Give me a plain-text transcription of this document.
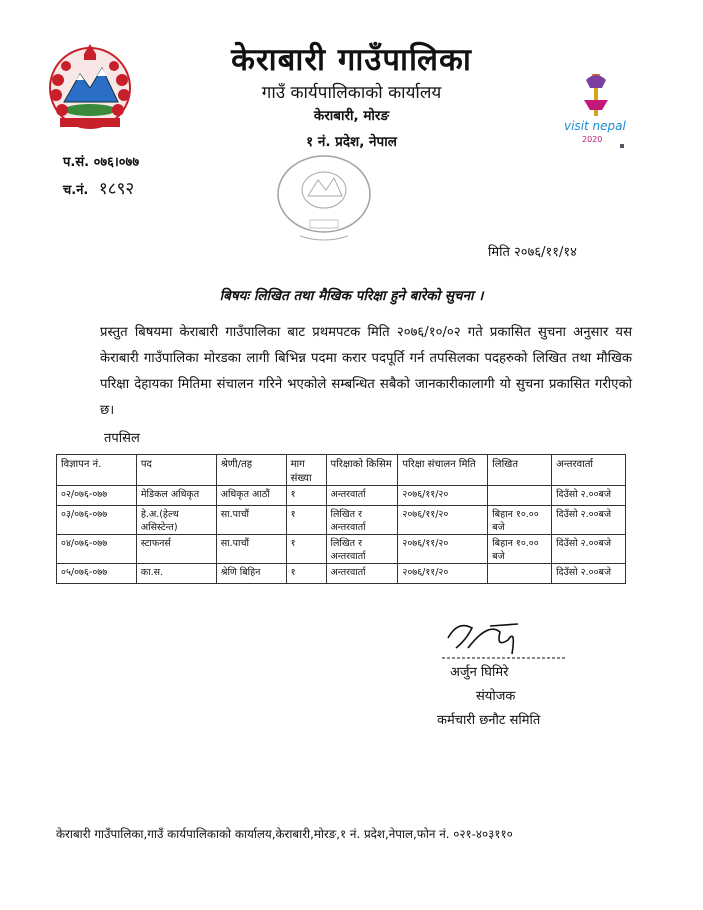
visit nepal
2020
केराबारी गाउँपालिका
गाउँ कार्यपालिकाको कार्यालय
केराबारी, मोरङ
१ नं. प्रदेश, नेपाल
प.सं. ०७६।०७७
च.नं. १८९२
मिति २०७६/११/१४
बिषयः लिखित तथा मैखिक परिक्षा हुने बारेको सुचना ।
प्रस्तुत बिषयमा केराबारी गाउँपालिका बाट प्रथमपटक मिति २०७६/१०/०२ गते प्रकासित सुचना अनुसार यस केराबारी गाउँपालिका मोरडका लागी बिभिन्न पदमा करार पदपूर्ति गर्न तपसिलका पदहरुको लिखित तथा मौखिक परिक्षा देहायका मितिमा संचालन गरिने भएकोले सम्बन्धित सबैको जानकारीकालागी यो सुचना प्रकासित गरीएको छ।
तपसिल
विज्ञापन नं.	पद	श्रेणी/तह	माग संख्या	परिक्षाको किसिम	परिक्षा संचालन मिति	लिखित	अन्तरवार्ता
०२/०७६-०७७	मेडिकल अधिकृत	अधिकृत आठौं	१	अन्तरवार्ता	२०७६/११/२०		दिउँसो २.००बजे
०३/०७६-०७७	हे.अ.(हेल्थ असिस्टेन्त)	सा.पाचौं	१	लिखित र अन्तरवार्ता	२०७६/११/२०	बिहान १०.०० बजे	दिउँसो २.००बजे
०४/०७६-०७७	स्टाफनर्स	सा.पाचौं	१	लिखित र अन्तरवार्ता	२०७६/११/२०	बिहान १०.०० बजे	दिउँसो २.००बजे
०५/०७६-०७७	का.स.	श्रेणि बिहिन	१	अन्तरवार्ता	२०७६/११/२०		दिउँसो २.००बजे
अर्जुन घिमिरे
संयोजक
कर्मचारी छनौट समिति
केराबारी गाउँपालिका,गाउँ कार्यपालिकाको कार्यालय,केराबारी,मोरङ,१ नं. प्रदेश,नेपाल,फोन नं. ०२१-४०३११०
